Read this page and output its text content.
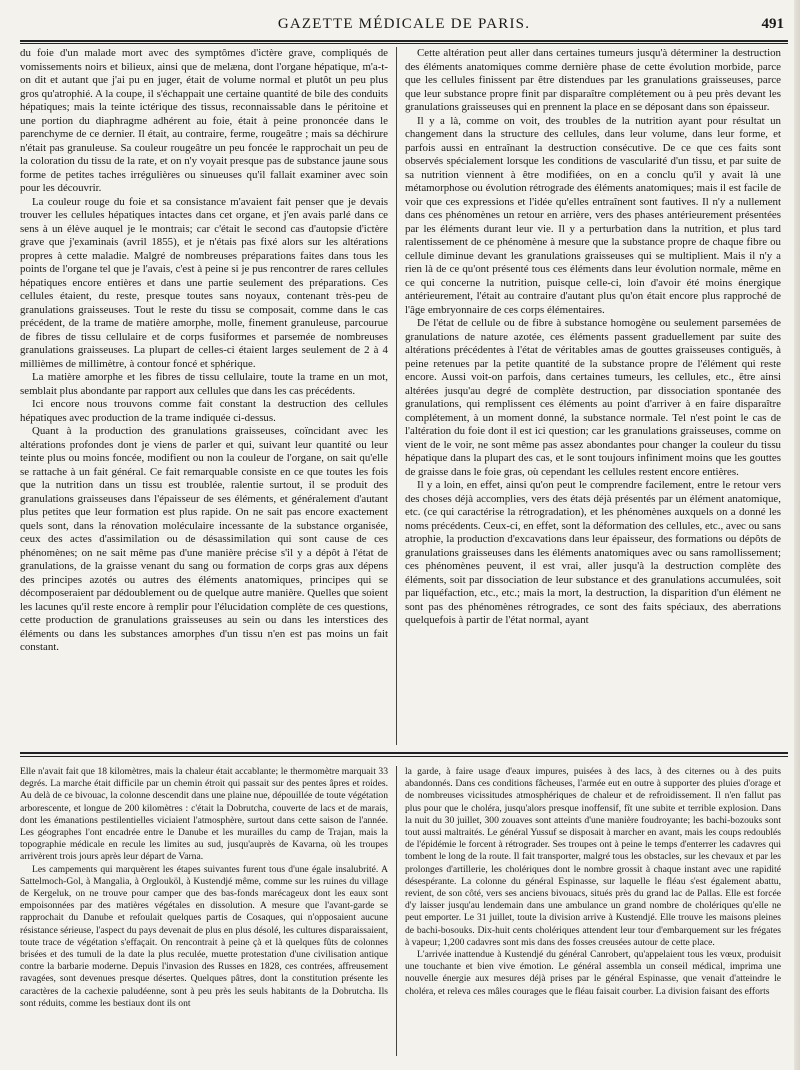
GAZETTE MÉDICALE DE PARIS.	491

du foie d'un malade mort avec des symptômes d'ictère grave, compliqués de vomissements noirs et bilieux, ainsi que de melæna, dont l'organe hépatique, m'a-t-on dit et autant que j'ai pu en juger, était de volume normal et plutôt un peu plus gros qu'atrophié. A la coupe, il s'échappait une certaine quantité de bile des conduits hépatiques; mais la teinte ictérique des tissus, reconnaissable dans le péritoine et une portion du diaphragme adhérent au foie, était à peine prononcée dans le parenchyme de ce dernier. Il était, au contraire, ferme, rougeâtre ; mais sa déchirure n'était pas granuleuse. Sa couleur rougeâtre un peu foncée le rapprochait un peu de la coloration du tissu de la rate, et on n'y voyait presque pas de substance jaune sous forme de petites taches irrégulières ou sinueuses qu'il fallait examiner avec soin pour les découvrir.

La couleur rouge du foie et sa consistance m'avaient fait penser que je devais trouver les cellules hépatiques intactes dans cet organe, et j'en avais parlé dans ce sens à un élève auquel je le montrais; car c'était le second cas d'autopsie d'ictère grave que j'examinais (avril 1855), et je n'étais pas fixé alors sur les altérations propres à cette maladie. Malgré de nombreuses préparations faites dans tous les points de l'organe tel que je l'avais, c'est à peine si je pus rencontrer de rares cellules hépatiques encore entières et dans une partie seulement des préparations. Ces cellules étaient, du reste, presque toutes sans noyaux, contenant très-peu de granulations graisseuses. Tout le reste du tissu se composait, comme dans le cas précédent, de la trame de matière amorphe, molle, finement granuleuse, parcourue de fibres de tissu cellulaire et de corps fusiformes et parsemée de nombreuses granulations graisseuses. La plupart de celles-ci étaient larges seulement de 2 à 4 millièmes de millimètre, à contour foncé et sphérique.

La matière amorphe et les fibres de tissu cellulaire, toute la trame en un mot, semblait plus abondante par rapport aux cellules que dans les cas précédents.

Ici encore nous trouvons comme fait constant la destruction des cellules hépatiques avec production de la trame indiquée ci-dessus.

Quant à la production des granulations graisseuses, coïncidant avec les altérations profondes dont je viens de parler et qui, suivant leur quantité ou leur teinte plus ou moins foncée, modifient ou non la couleur de l'organe, on sait qu'elle se rattache à un fait général. Ce fait remarquable consiste en ce que toutes les fois que la nutrition dans un tissu est troublée, ralentie surtout, il se produit des granulations graisseuses dans l'épaisseur de ses éléments, et généralement d'autant plus petites que leur formation est plus rapide. On ne sait pas encore exactement quels sont, dans la rénovation moléculaire incessante de la substance organisée, ceux des actes d'assimilation ou de désassimilation qui sont cause de ces phénomènes; on ne sait même pas d'une manière précise s'il y a dépôt à l'état de granulations, de la graisse venant du sang ou formation de corps gras aux dépens des principes azotés ou autres des éléments anatomiques, principes qui se décomposeraient par dédoublement ou de quelque autre manière. Quelles que soient les lacunes qu'il reste encore à remplir pour l'élucidation complète de ces questions, cette production de granulations graisseuses au sein ou dans les interstices des éléments ou dans les substances amorphes d'un tissu n'en est pas moins un fait constant.

Cette altération peut aller dans certaines tumeurs jusqu'à déterminer la destruction des éléments anatomiques comme dernière phase de cette évolution morbide, parce que les cellules finissent par être distendues par les granulations graisseuses, parce que leur substance propre finit par disparaître complétement ou à peu près devant les granulations graisseuses qui en prennent la place en se déposant dans son épaisseur.

Il y a là, comme on voit, des troubles de la nutrition ayant pour résultat un changement dans la structure des cellules, dans leur volume, dans leur forme, et parfois aussi en entraînant la destruction consécutive. De ce que ces faits sont observés spécialement lorsque les conditions de vascularité d'un tissu, et par suite de sa nutrition viennent à être modifiées, on en a conclu qu'il y avait là une métamorphose ou évolution rétrograde des éléments anatomiques; mais il est facile de voir que ces expressions et l'idée qu'elles entraînent sont fautives. Il n'y a nullement dans ces phénomènes un retour en arrière, vers des phases antérieurement présentées par les éléments durant leur vie. Il y a perturbation dans la nutrition, et plus tard ralentissement de ce phénomène à mesure que la substance propre de chaque fibre ou cellule diminue devant les granulations graisseuses qui se multiplient. Mais il n'y a rien là de ce qu'ont présenté tous ces éléments dans leur évolution normale, même en ce qui concerne la nutrition, puisque celle-ci, loin d'avoir été moins énergique antérieurement, l'était au contraire d'autant plus qu'on était encore plus rapproché de l'âge embryonnaire de ces corps élémentaires.

De l'état de cellule ou de fibre à substance homogène ou seulement parsemées de granulations de nature azotée, ces éléments passent graduellement par suite des altérations précédentes à l'état de véritables amas de gouttes graisseuses contiguës, à peine retenues par la petite quantité de la substance propre de l'élément qui reste encore. Aussi voit-on parfois, dans certaines tumeurs, les cellules, etc., être ainsi altérées jusqu'au degré de complète destruction, par dissociation spontanée des granulations, qui remplissent ces éléments au point d'arriver à en faire disparaître complétement, à un moment donné, la substance normale. Tel n'est point le cas de l'altération du foie dont il est ici question; car les granulations graisseuses, comme on vient de le voir, ne sont même pas assez abondantes pour changer la couleur du tissu hépatique dans la plupart des cas, et le sont toujours infiniment moins que les gouttes de graisse dans le foie gras, où cependant les cellules restent encore entières.

Il y a loin, en effet, ainsi qu'on peut le comprendre facilement, entre le retour vers des choses déjà accomplies, vers des états déjà présentés par un élément anatomique, etc. (ce qui caractérise la rétrogradation), et les phénomènes auxquels on a donné les noms précédents. Ceux-ci, en effet, sont la déformation des cellules, etc., avec ou sans atrophie, la production d'excavations dans leur épaisseur, des formations ou dépôts de granulations graisseuses dans les éléments anatomiques avec ou sans ramollissement; ces phénomènes peuvent, il est vrai, aller jusqu'à la destruction complète des éléments, soit par dissociation de leur substance et des granulations accumulées, soit par liquéfaction, etc., etc.; mais la mort, la destruction, la disparition d'un élément ne sont pas des phénomènes rétrogrades, ce sont des faits spéciaux, des aberrations quelquefois à partir de l'état normal, ayant

Elle n'avait fait que 18 kilomètres, mais la chaleur était accablante; le thermomètre marquait 33 degrés. La marche était difficile par un chemin étroit qui passait sur des pentes âpres et roides. Au delà de ce bivouac, la colonne descendit dans une plaine nue, dépouillée de toute végétation arborescente, et longue de 200 kilomètres : c'était la Dobrutcha, couverte de lacs et de marais, dont les émanations pestilentielles viciaient l'atmosphère, surtout dans cette saison de l'année. Les géographes l'ont encadrée entre le Danube et les murailles du camp de Trajan, mais la topographie médicale en recule les limites au sud, jusqu'auprès de Kavarna, où les troupes arrivèrent trois jours après leur départ de Varna.

Les campements qui marquèrent les étapes suivantes furent tous d'une égale insalubrité. A Sattelmoch-Gol, à Mangalia, à Orglouköl, à Kustendjé même, comme sur les ruines du village de Kergeluk, on ne trouve pour camper que des bas-fonds marécageux dont les eaux sont empoisonnées par des matières végétales en dissolution. A mesure que l'avant-garde se rapprochait du Danube et refoulait quelques partis de Cosaques, qui n'opposaient aucune résistance sérieuse, l'aspect du pays devenait de plus en plus désolé, les cultures disparaissaient, toute trace de végétation s'effaçait. On rencontrait à peine çà et là quelques fûts de colonnes brisées et des tumuli de la date la plus reculée, muette protestation d'une civilisation antique contre la barbarie moderne. Depuis l'invasion des Russes en 1828, ces contrées, affreusement ravagées, sont devenues presque désertes. Quelques pâtres, dont la constitution présente les caractères de la cachexie paludéenne, sont à peu près les seuls habitants de la Dobrutcha. Ils sont réduits, comme les bestiaux dont ils ont

la garde, à faire usage d'eaux impures, puisées à des lacs, à des citernes ou à des puits abandonnés. Dans ces conditions fâcheuses, l'armée eut en outre à supporter des pluies d'orage et de nombreuses vicissitudes atmosphériques de chaleur et de refroidissement. Il n'en fallut pas plus pour que le choléra, jusqu'alors presque inoffensif, fît une subite et terrible explosion. Dans la nuit du 30 juillet, 300 zouaves sont atteints d'une manière foudroyante; les bachi-bozouks sont tout aussi maltraités. Le général Yussuf se disposait à marcher en avant, mais les coups redoublés de l'épidémie le forcent à rétrograder. Ses troupes ont à peine le temps d'enterrer les cadavres qui tombent le long de la route. Il fait transporter, malgré tous les obstacles, sur les chevaux et par les prolonges d'artillerie, les cholériques dont le nombre grossit à chaque instant avec une rapidité désespérante. La colonne du général Espinasse, sur laquelle le fléau s'est également abattu, revient, de son côté, vers ses anciens bivouacs, situés près du grand lac de Pallas. Elle est forcée d'y laisser jusqu'au lendemain dans une ambulance un grand nombre de cholériques qu'elle ne peut emporter. Le 31 juillet, toute la division arrive à Kustendjé. Elle trouve les maisons pleines de bachi-bosouks. Dix-huit cents cholériques attendent leur tour d'embarquement sur les frégates à vapeur; 1,200 cadavres sont mis dans des fosses creusées autour de cette place.

L'arrivée inattendue à Kustendjé du général Canrobert, qu'appelaient tous les vœux, produisit une touchante et bien vive émotion. Le général assembla un conseil médical, imprima une nouvelle énergie aux mesures déjà prises par le général Espinasse, que venait d'atteindre le choléra, et releva ces mâles courages que le fléau faisait courber. La division faisant des efforts
